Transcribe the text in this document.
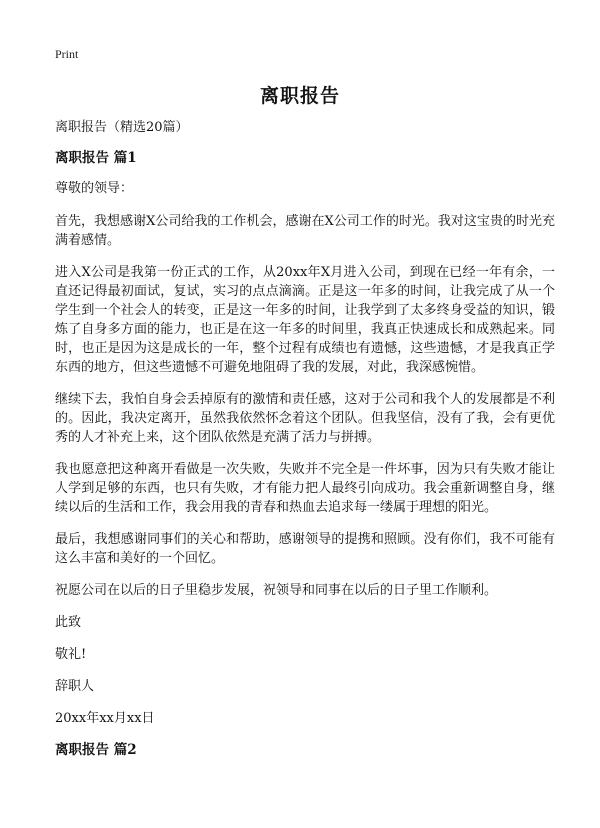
Print
离职报告

离职报告（精选20篇）

离职报告 篇1

尊敬的领导：

首先，我想感谢X公司给我的工作机会，感谢在X公司工作的时光。我对这宝贵的时光充满着感情。

进入X公司是我第一份正式的工作，从20xx年X月进入公司，到现在已经一年有余，一直还记得最初面试，复试，实习的点点滴滴。正是这一年多的时间，让我完成了从一个学生到一个社会人的转变，正是这一年多的时间，让我学到了太多终身受益的知识，锻炼了自身多方面的能力，也正是在这一年多的时间里，我真正快速成长和成熟起来。同时，也正是因为这是成长的一年，整个过程有成绩也有遗憾，这些遗憾，才是我真正学东西的地方，但这些遗憾不可避免地阻碍了我的发展，对此，我深感惋惜。

继续下去，我怕自身会丢掉原有的激情和责任感，这对于公司和我个人的发展都是不利的。因此，我决定离开，虽然我依然怀念着这个团队。但我坚信，没有了我，会有更优秀的人才补充上来，这个团队依然是充满了活力与拼搏。

我也愿意把这种离开看做是一次失败，失败并不完全是一件坏事，因为只有失败才能让人学到足够的东西，也只有失败，才有能力把人最终引向成功。我会重新调整自身，继续以后的生活和工作，我会用我的青春和热血去追求每一缕属于理想的阳光。

最后，我想感谢同事们的关心和帮助，感谢领导的提携和照顾。没有你们，我不可能有这么丰富和美好的一个回忆。

祝愿公司在以后的日子里稳步发展，祝领导和同事在以后的日子里工作顺利。

此致

敬礼!

辞职人

20xx年xx月xx日

离职报告 篇2
